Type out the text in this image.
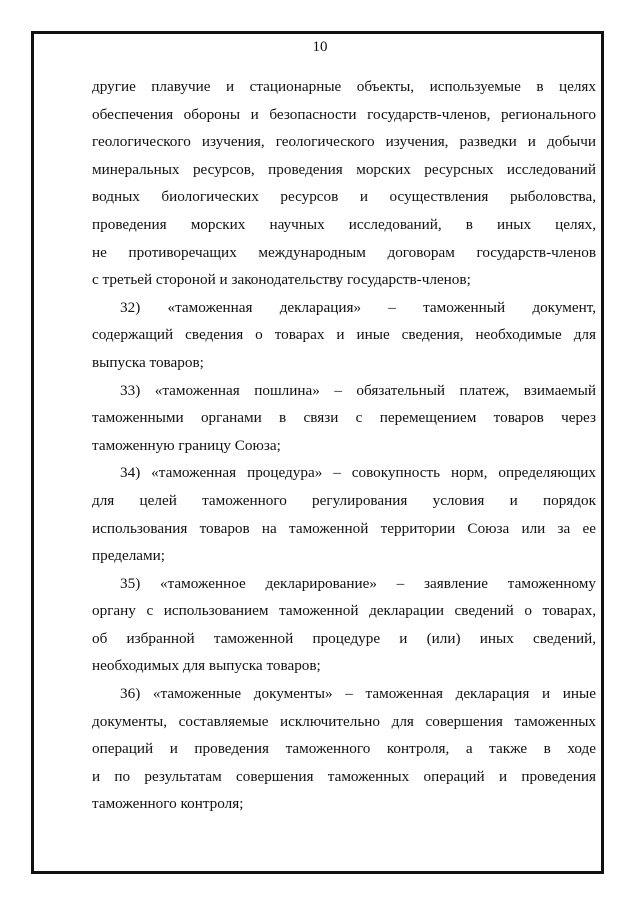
10
другие плавучие и стационарные объекты, используемые в целях
обеспечения обороны и безопасности государств-членов, регионального
геологического изучения, геологического изучения, разведки и добычи
минеральных ресурсов, проведения морских ресурсных исследований
водных биологических ресурсов и осуществления рыболовства,
проведения морских научных исследований, в иных целях,
не противоречащих международным договорам государств-членов
с третьей стороной и законодательству государств-членов;
32) «таможенная декларация» – таможенный документ,
содержащий сведения о товарах и иные сведения, необходимые для
выпуска товаров;
33) «таможенная пошлина» – обязательный платеж, взимаемый
таможенными органами в связи с перемещением товаров через
таможенную границу Союза;
34) «таможенная процедура» – совокупность норм, определяющих
для целей таможенного регулирования условия и порядок
использования товаров на таможенной территории Союза или за ее
пределами;
35) «таможенное декларирование» – заявление таможенному
органу с использованием таможенной декларации сведений о товарах,
об избранной таможенной процедуре и (или) иных сведений,
необходимых для выпуска товаров;
36) «таможенные документы» – таможенная декларация и иные
документы, составляемые исключительно для совершения таможенных
операций и проведения таможенного контроля, а также в ходе
и по результатам совершения таможенных операций и проведения
таможенного контроля;
